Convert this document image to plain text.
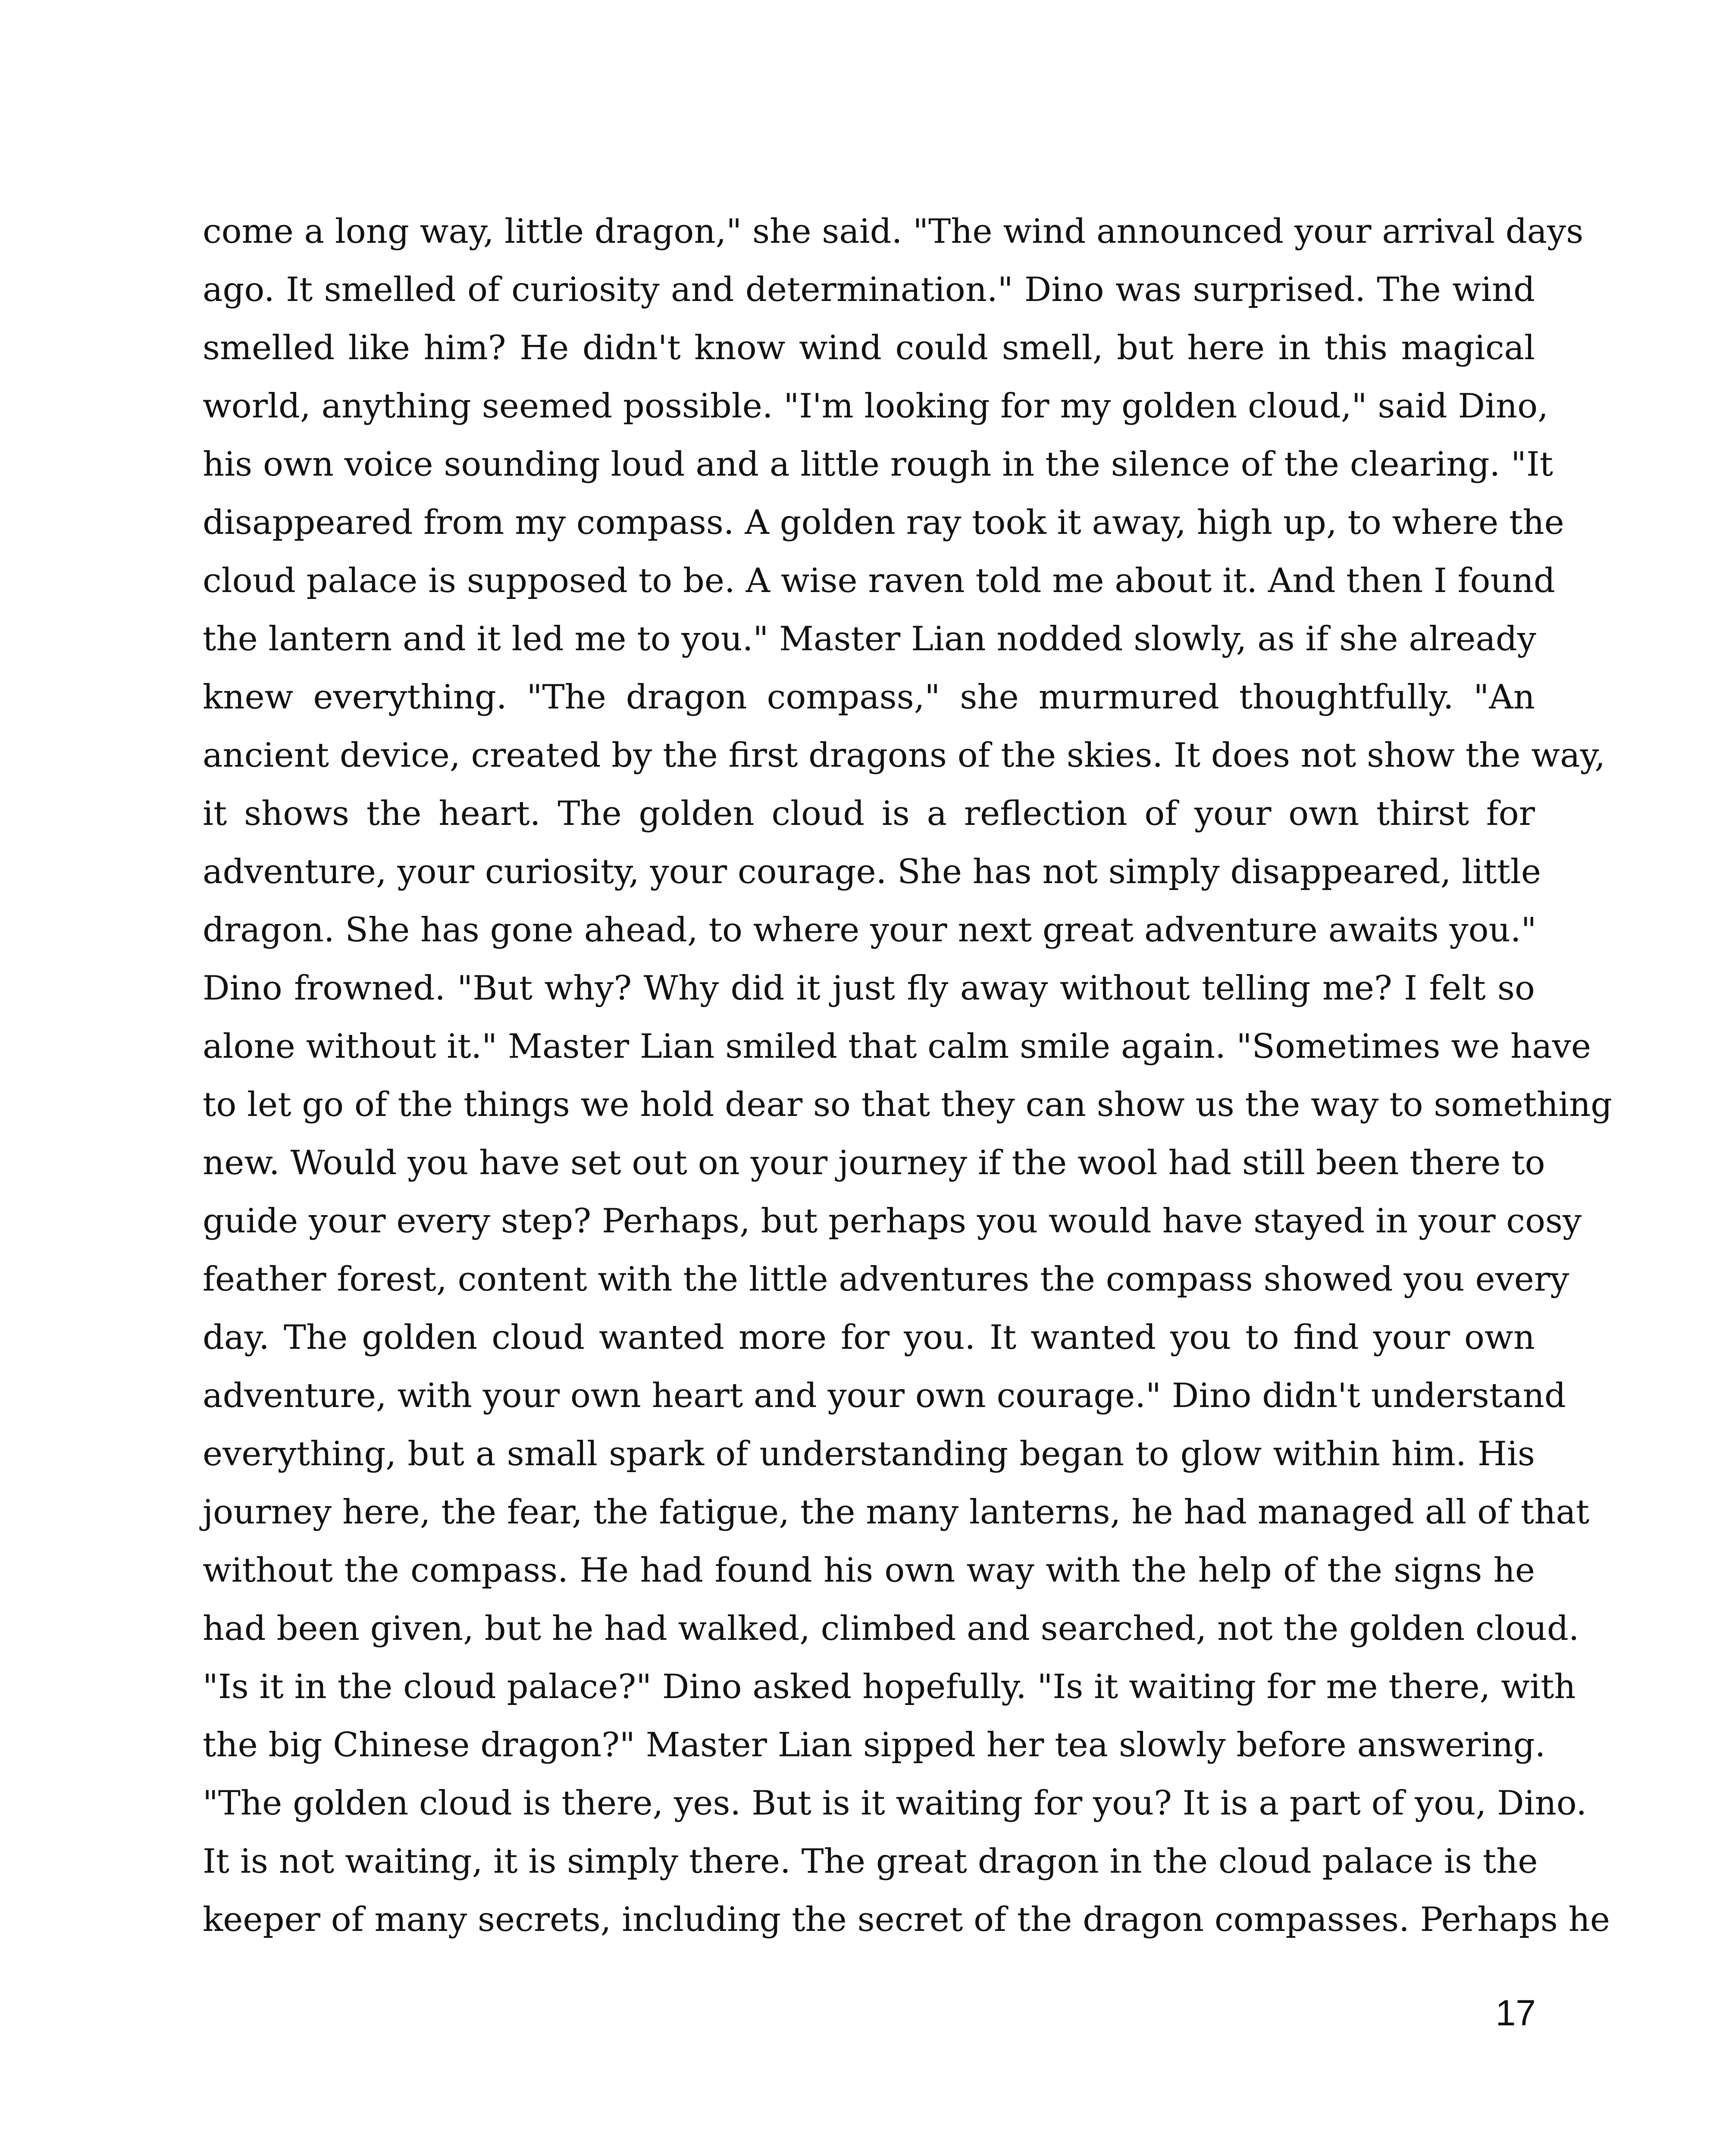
come a long way, little dragon," she said. "The wind announced your arrival days
ago. It smelled of curiosity and determination." Dino was surprised. The wind
smelled like him? He didn't know wind could smell, but here in this magical
world, anything seemed possible. "I'm looking for my golden cloud," said Dino,
his own voice sounding loud and a little rough in the silence of the clearing. "It
disappeared from my compass. A golden ray took it away, high up, to where the
cloud palace is supposed to be. A wise raven told me about it. And then I found
the lantern and it led me to you." Master Lian nodded slowly, as if she already
knew everything. "The dragon compass," she murmured thoughtfully. "An
ancient device, created by the first dragons of the skies. It does not show the way,
it shows the heart. The golden cloud is a reflection of your own thirst for
adventure, your curiosity, your courage. She has not simply disappeared, little
dragon. She has gone ahead, to where your next great adventure awaits you."
Dino frowned. "But why? Why did it just fly away without telling me? I felt so
alone without it." Master Lian smiled that calm smile again. "Sometimes we have
to let go of the things we hold dear so that they can show us the way to something
new. Would you have set out on your journey if the wool had still been there to
guide your every step? Perhaps, but perhaps you would have stayed in your cosy
feather forest, content with the little adventures the compass showed you every
day. The golden cloud wanted more for you. It wanted you to find your own
adventure, with your own heart and your own courage." Dino didn't understand
everything, but a small spark of understanding began to glow within him. His
journey here, the fear, the fatigue, the many lanterns, he had managed all of that
without the compass. He had found his own way with the help of the signs he
had been given, but he had walked, climbed and searched, not the golden cloud.
"Is it in the cloud palace?" Dino asked hopefully. "Is it waiting for me there, with
the big Chinese dragon?" Master Lian sipped her tea slowly before answering.
"The golden cloud is there, yes. But is it waiting for you? It is a part of you, Dino.
It is not waiting, it is simply there. The great dragon in the cloud palace is the
keeper of many secrets, including the secret of the dragon compasses. Perhaps he
17
